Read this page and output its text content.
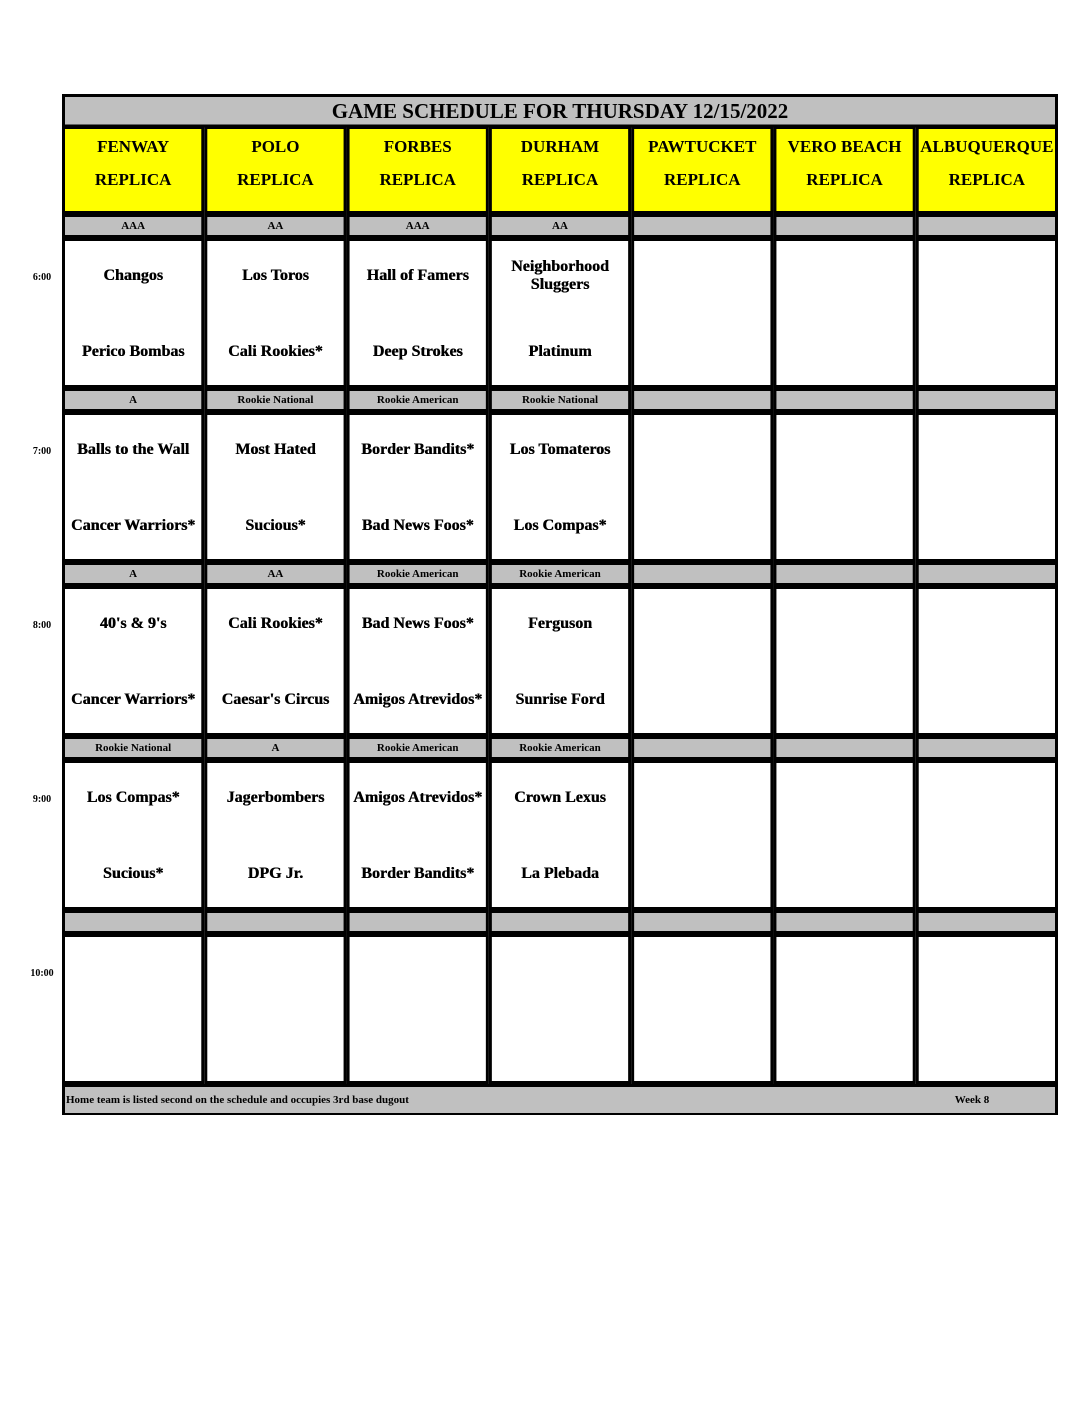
GAME SCHEDULE FOR THURSDAY 12/15/2022
FENWAY
REPLICA
POLO
REPLICA
FORBES
REPLICA
DURHAM
REPLICA
PAWTUCKET
REPLICA
VERO BEACH
REPLICA
ALBUQUERQUE
REPLICA
AAA
Changos
Perico Bombas
AA
Los Toros
Cali Rookies*
AAA
Hall of Famers
Deep Strokes
AA
Neighborhood Sluggers
Platinum
A
Balls to the Wall
Cancer Warriors*
Rookie National
Most Hated
Sucious*
Rookie American
Border Bandits*
Bad News Foos*
Rookie National
Los Tomateros
Los Compas*
A
40's & 9's
Cancer Warriors*
AA
Cali Rookies*
Caesar's Circus
Rookie American
Bad News Foos*
Amigos Atrevidos*
Rookie American
Ferguson
Sunrise Ford
Rookie National
Los Compas*
Sucious*
A
Jagerbombers
DPG Jr.
Rookie American
Amigos Atrevidos*
Border Bandits*
Rookie American
Crown Lexus
La Plebada
Home team is listed second on the schedule and occupies 3rd base dugout	Week 8
6:00
7:00
8:00
9:00
10:00
